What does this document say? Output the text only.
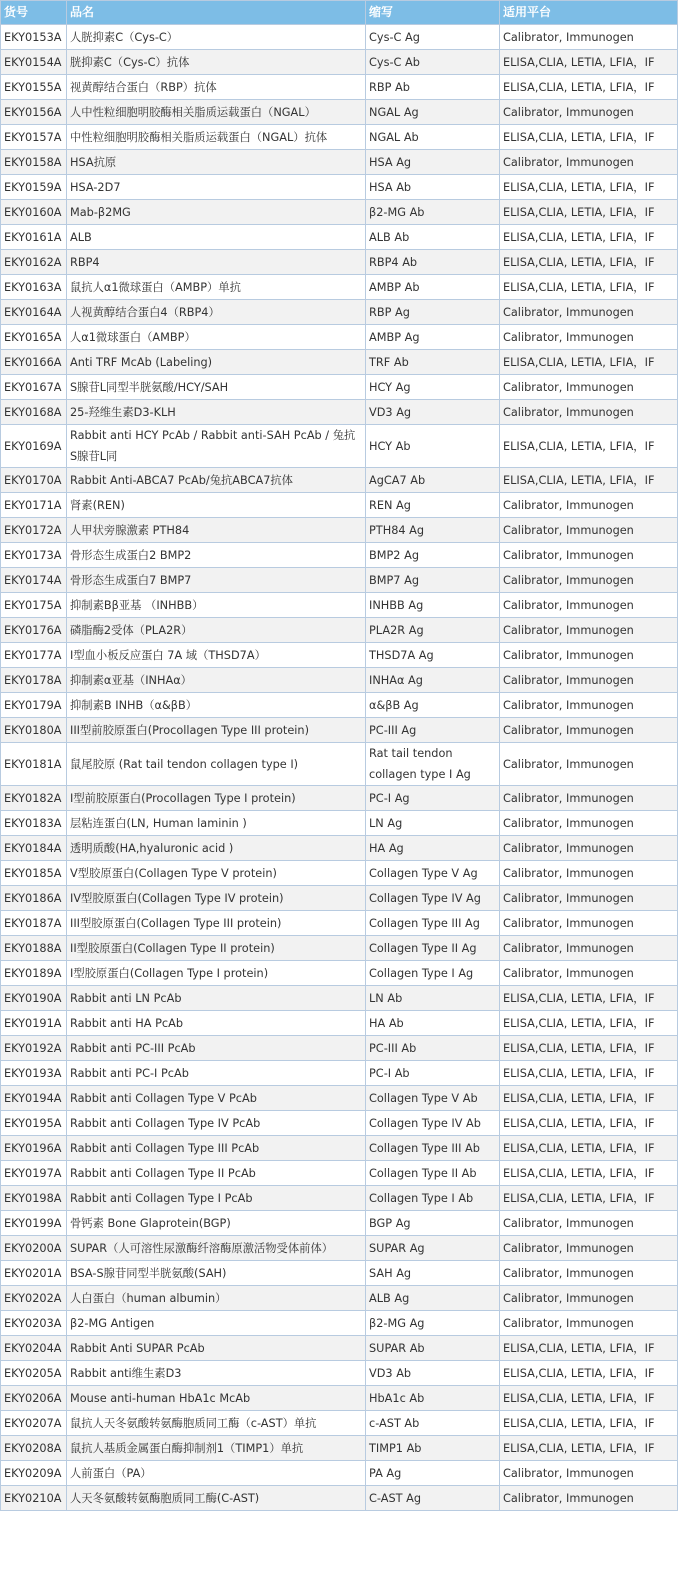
货号	品名	缩写	适用平台
EKY0153A	人胱抑素C（Cys-C）	Cys-C Ag	Calibrator, Immunogen
EKY0154A	胱抑素C（Cys-C）抗体	Cys-C Ab	ELISA,CLIA, LETIA, LFIA，IF
EKY0155A	视黄醇结合蛋白（RBP）抗体	RBP Ab	ELISA,CLIA, LETIA, LFIA，IF
EKY0156A	人中性粒细胞明胶酶相关脂质运载蛋白（NGAL）	NGAL Ag	Calibrator, Immunogen
EKY0157A	中性粒细胞明胶酶相关脂质运载蛋白（NGAL）抗体	NGAL Ab	ELISA,CLIA, LETIA, LFIA，IF
EKY0158A	HSA抗原	HSA Ag	Calibrator, Immunogen
EKY0159A	HSA-2D7	HSA Ab	ELISA,CLIA, LETIA, LFIA，IF
EKY0160A	Mab-β2MG	β2-MG Ab	ELISA,CLIA, LETIA, LFIA，IF
EKY0161A	ALB	ALB Ab	ELISA,CLIA, LETIA, LFIA，IF
EKY0162A	RBP4	RBP4 Ab	ELISA,CLIA, LETIA, LFIA，IF
EKY0163A	鼠抗人α1微球蛋白（AMBP）单抗	AMBP Ab	ELISA,CLIA, LETIA, LFIA，IF
EKY0164A	人视黄醇结合蛋白4（RBP4）	RBP Ag	Calibrator, Immunogen
EKY0165A	人α1微球蛋白（AMBP）	AMBP Ag	Calibrator, Immunogen
EKY0166A	Anti TRF McAb (Labeling)	TRF Ab	ELISA,CLIA, LETIA, LFIA，IF
EKY0167A	S腺苷L同型半胱氨酸/HCY/SAH	HCY Ag	Calibrator, Immunogen
EKY0168A	25-羟维生素D3-KLH	VD3 Ag	Calibrator, Immunogen
EKY0169A	Rabbit anti HCY PcAb / Rabbit anti-SAH PcAb / 兔抗S腺苷L同	HCY Ab	ELISA,CLIA, LETIA, LFIA，IF
EKY0170A	Rabbit Anti-ABCA7 PcAb/兔抗ABCA7抗体	AgCA7 Ab	ELISA,CLIA, LETIA, LFIA，IF
EKY0171A	肾素(REN)	REN Ag	Calibrator, Immunogen
EKY0172A	人甲状旁腺激素 PTH84	PTH84 Ag	Calibrator, Immunogen
EKY0173A	骨形态生成蛋白2 BMP2	BMP2 Ag	Calibrator, Immunogen
EKY0174A	骨形态生成蛋白7 BMP7	BMP7 Ag	Calibrator, Immunogen
EKY0175A	抑制素Bβ亚基 （INHBB）	INHBB Ag	Calibrator, Immunogen
EKY0176A	磷脂酶2受体（PLA2R）	PLA2R Ag	Calibrator, Immunogen
EKY0177A	Ⅰ型血小板反应蛋白 7A 域（THSD7A）	THSD7A Ag	Calibrator, Immunogen
EKY0178A	抑制素α亚基（INHAα）	INHAα Ag	Calibrator, Immunogen
EKY0179A	抑制素B INHB（α&βB）	α&βB Ag	Calibrator, Immunogen
EKY0180A	III型前胶原蛋白(Procollagen Type III protein)	PC-III Ag	Calibrator, Immunogen
EKY0181A	鼠尾胶原 (Rat tail tendon collagen type I)	Rat tail tendon collagen type I Ag	Calibrator, Immunogen
EKY0182A	I型前胶原蛋白(Procollagen Type I protein)	PC-I Ag	Calibrator, Immunogen
EKY0183A	层粘连蛋白(LN, Human laminin )	LN Ag	Calibrator, Immunogen
EKY0184A	透明质酸(HA,hyaluronic acid )	HA Ag	Calibrator, Immunogen
EKY0185A	V型胶原蛋白(Collagen Type V protein)	Collagen Type V Ag	Calibrator, Immunogen
EKY0186A	IV型胶原蛋白(Collagen Type IV protein)	Collagen Type IV Ag	Calibrator, Immunogen
EKY0187A	III型胶原蛋白(Collagen Type III protein)	Collagen Type III Ag	Calibrator, Immunogen
EKY0188A	II型胶原蛋白(Collagen Type II protein)	Collagen Type II Ag	Calibrator, Immunogen
EKY0189A	I型胶原蛋白(Collagen Type I protein)	Collagen Type I Ag	Calibrator, Immunogen
EKY0190A	Rabbit anti LN PcAb	LN Ab	ELISA,CLIA, LETIA, LFIA，IF
EKY0191A	Rabbit anti HA PcAb	HA Ab	ELISA,CLIA, LETIA, LFIA，IF
EKY0192A	Rabbit anti PC-III PcAb	PC-III Ab	ELISA,CLIA, LETIA, LFIA，IF
EKY0193A	Rabbit anti PC-I PcAb	PC-I Ab	ELISA,CLIA, LETIA, LFIA，IF
EKY0194A	Rabbit anti Collagen Type V PcAb	Collagen Type V Ab	ELISA,CLIA, LETIA, LFIA，IF
EKY0195A	Rabbit anti Collagen Type IV PcAb	Collagen Type IV Ab	ELISA,CLIA, LETIA, LFIA，IF
EKY0196A	Rabbit anti Collagen Type III PcAb	Collagen Type III Ab	ELISA,CLIA, LETIA, LFIA，IF
EKY0197A	Rabbit anti Collagen Type II PcAb	Collagen Type II Ab	ELISA,CLIA, LETIA, LFIA，IF
EKY0198A	Rabbit anti Collagen Type I PcAb	Collagen Type I Ab	ELISA,CLIA, LETIA, LFIA，IF
EKY0199A	骨钙素 Bone Glaprotein(BGP)	BGP Ag	Calibrator, Immunogen
EKY0200A	SUPAR（人可溶性尿激酶纤溶酶原激活物受体前体）	SUPAR Ag	Calibrator, Immunogen
EKY0201A	BSA-S腺苷同型半胱氨酸(SAH)	SAH Ag	Calibrator, Immunogen
EKY0202A	人白蛋白（human albumin）	ALB Ag	Calibrator, Immunogen
EKY0203A	β2-MG Antigen	β2-MG Ag	Calibrator, Immunogen
EKY0204A	Rabbit Anti SUPAR PcAb	SUPAR Ab	ELISA,CLIA, LETIA, LFIA，IF
EKY0205A	Rabbit anti维生素D3	VD3 Ab	ELISA,CLIA, LETIA, LFIA，IF
EKY0206A	Mouse anti-human HbA1c McAb	HbA1c Ab	ELISA,CLIA, LETIA, LFIA，IF
EKY0207A	鼠抗人天冬氨酸转氨酶胞质同工酶（c-AST）单抗	c-AST Ab	ELISA,CLIA, LETIA, LFIA，IF
EKY0208A	鼠抗人基质金属蛋白酶抑制剂1（TIMP1）单抗	TIMP1 Ab	ELISA,CLIA, LETIA, LFIA，IF
EKY0209A	人前蛋白（PA）	PA Ag	Calibrator, Immunogen
EKY0210A	人天冬氨酸转氨酶胞质同工酶(C-AST)	C-AST Ag	Calibrator, Immunogen
